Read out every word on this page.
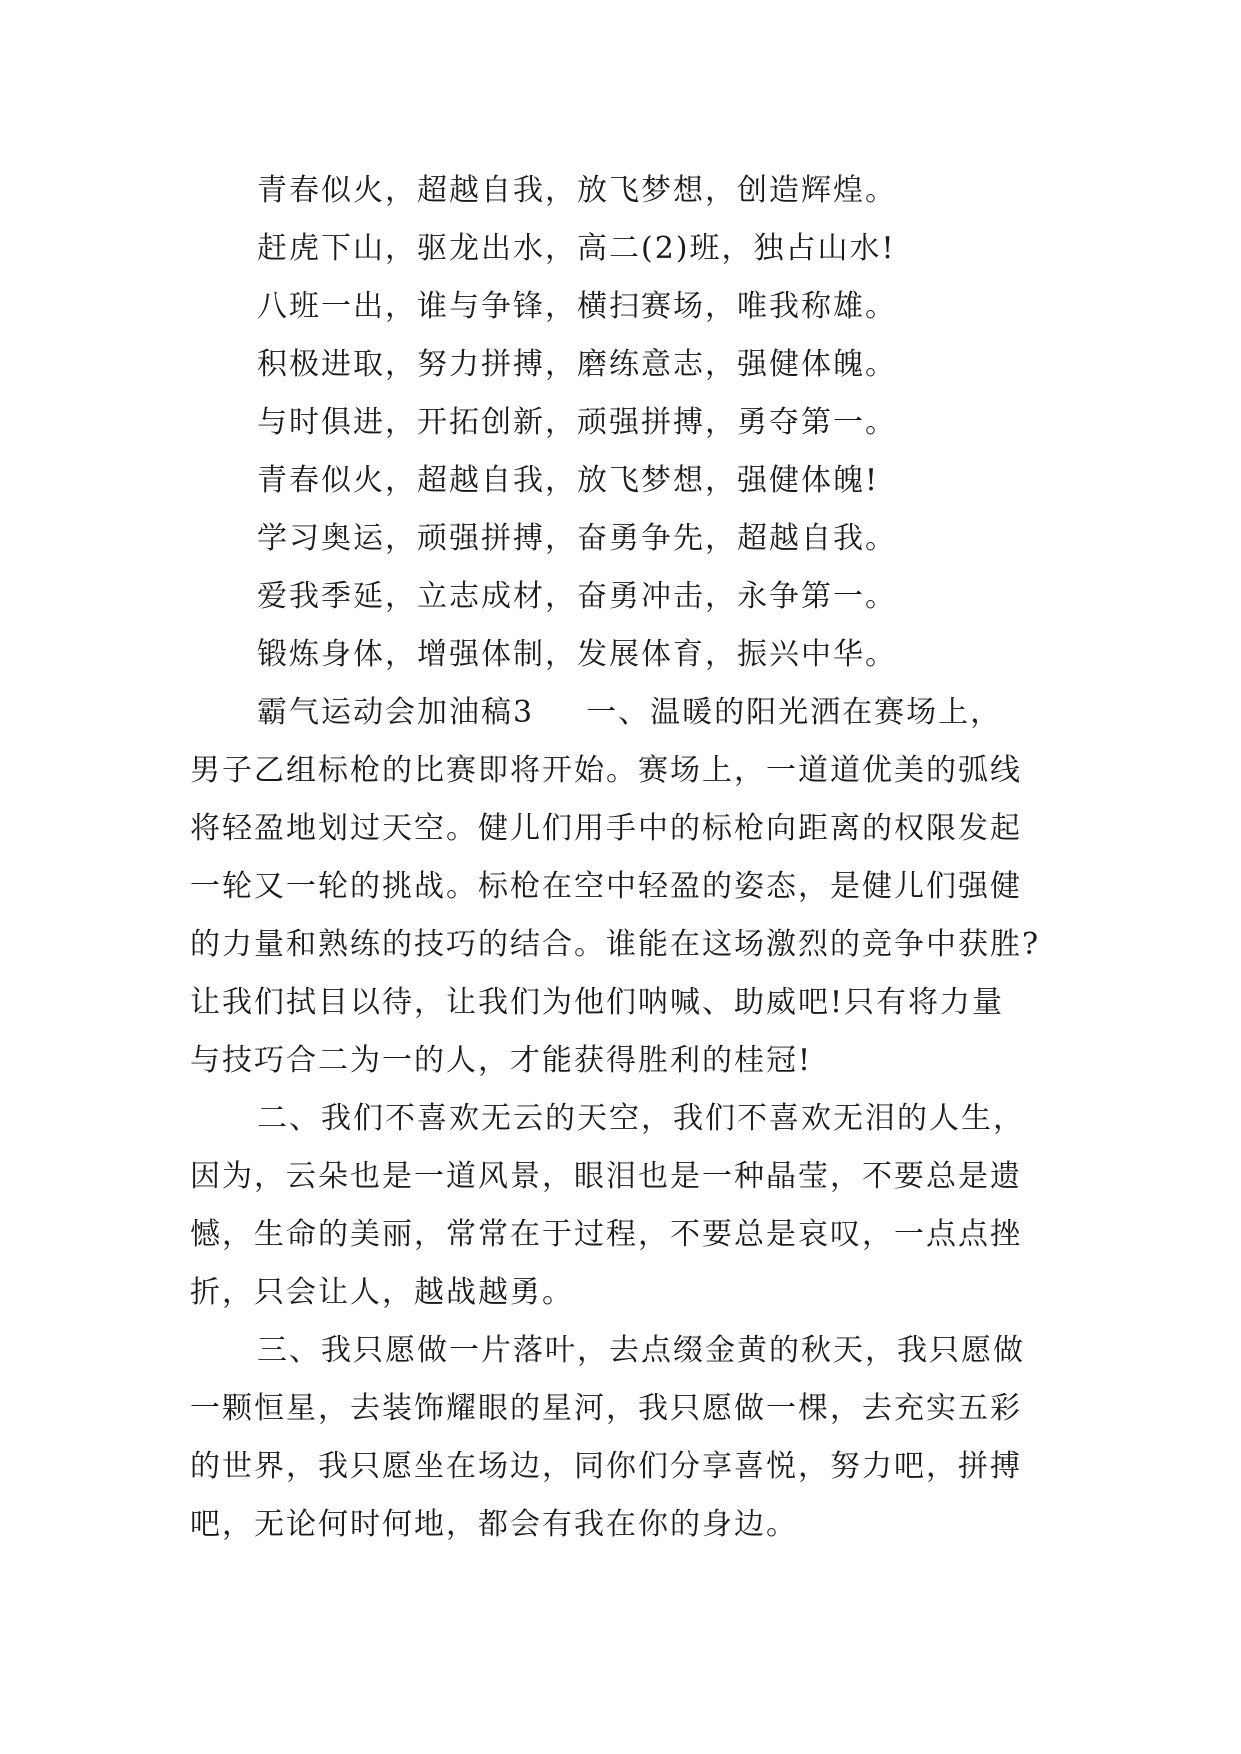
青春似火，超越自我，放飞梦想，创造辉煌。
赶虎下山，驱龙出水，高二(2)班，独占山水!
八班一出，谁与争锋，横扫赛场，唯我称雄。
积极进取，努力拼搏，磨练意志，强健体魄。
与时俱进，开拓创新，顽强拼搏，勇夺第一。
青春似火，超越自我，放飞梦想，强健体魄!
学习奥运，顽强拼搏，奋勇争先，超越自我。
爱我季延，立志成材，奋勇冲击，永争第一。
锻炼身体，增强体制，发展体育，振兴中华。
霸气运动会加油稿3 一、温暖的阳光洒在赛场上，
男子乙组标枪的比赛即将开始。赛场上，一道道优美的弧线
将轻盈地划过天空。健儿们用手中的标枪向距离的权限发起
一轮又一轮的挑战。标枪在空中轻盈的姿态，是健儿们强健
的力量和熟练的技巧的结合。谁能在这场激烈的竞争中获胜?
让我们拭目以待，让我们为他们呐喊、助威吧!只有将力量
与技巧合二为一的人，才能获得胜利的桂冠!
二、我们不喜欢无云的天空，我们不喜欢无泪的人生，
因为，云朵也是一道风景，眼泪也是一种晶莹，不要总是遗
憾，生命的美丽，常常在于过程，不要总是哀叹，一点点挫
折，只会让人，越战越勇。
三、我只愿做一片落叶，去点缀金黄的秋天，我只愿做
一颗恒星，去装饰耀眼的星河，我只愿做一棵，去充实五彩
的世界，我只愿坐在场边，同你们分享喜悦，努力吧，拼搏
吧，无论何时何地，都会有我在你的身边。
